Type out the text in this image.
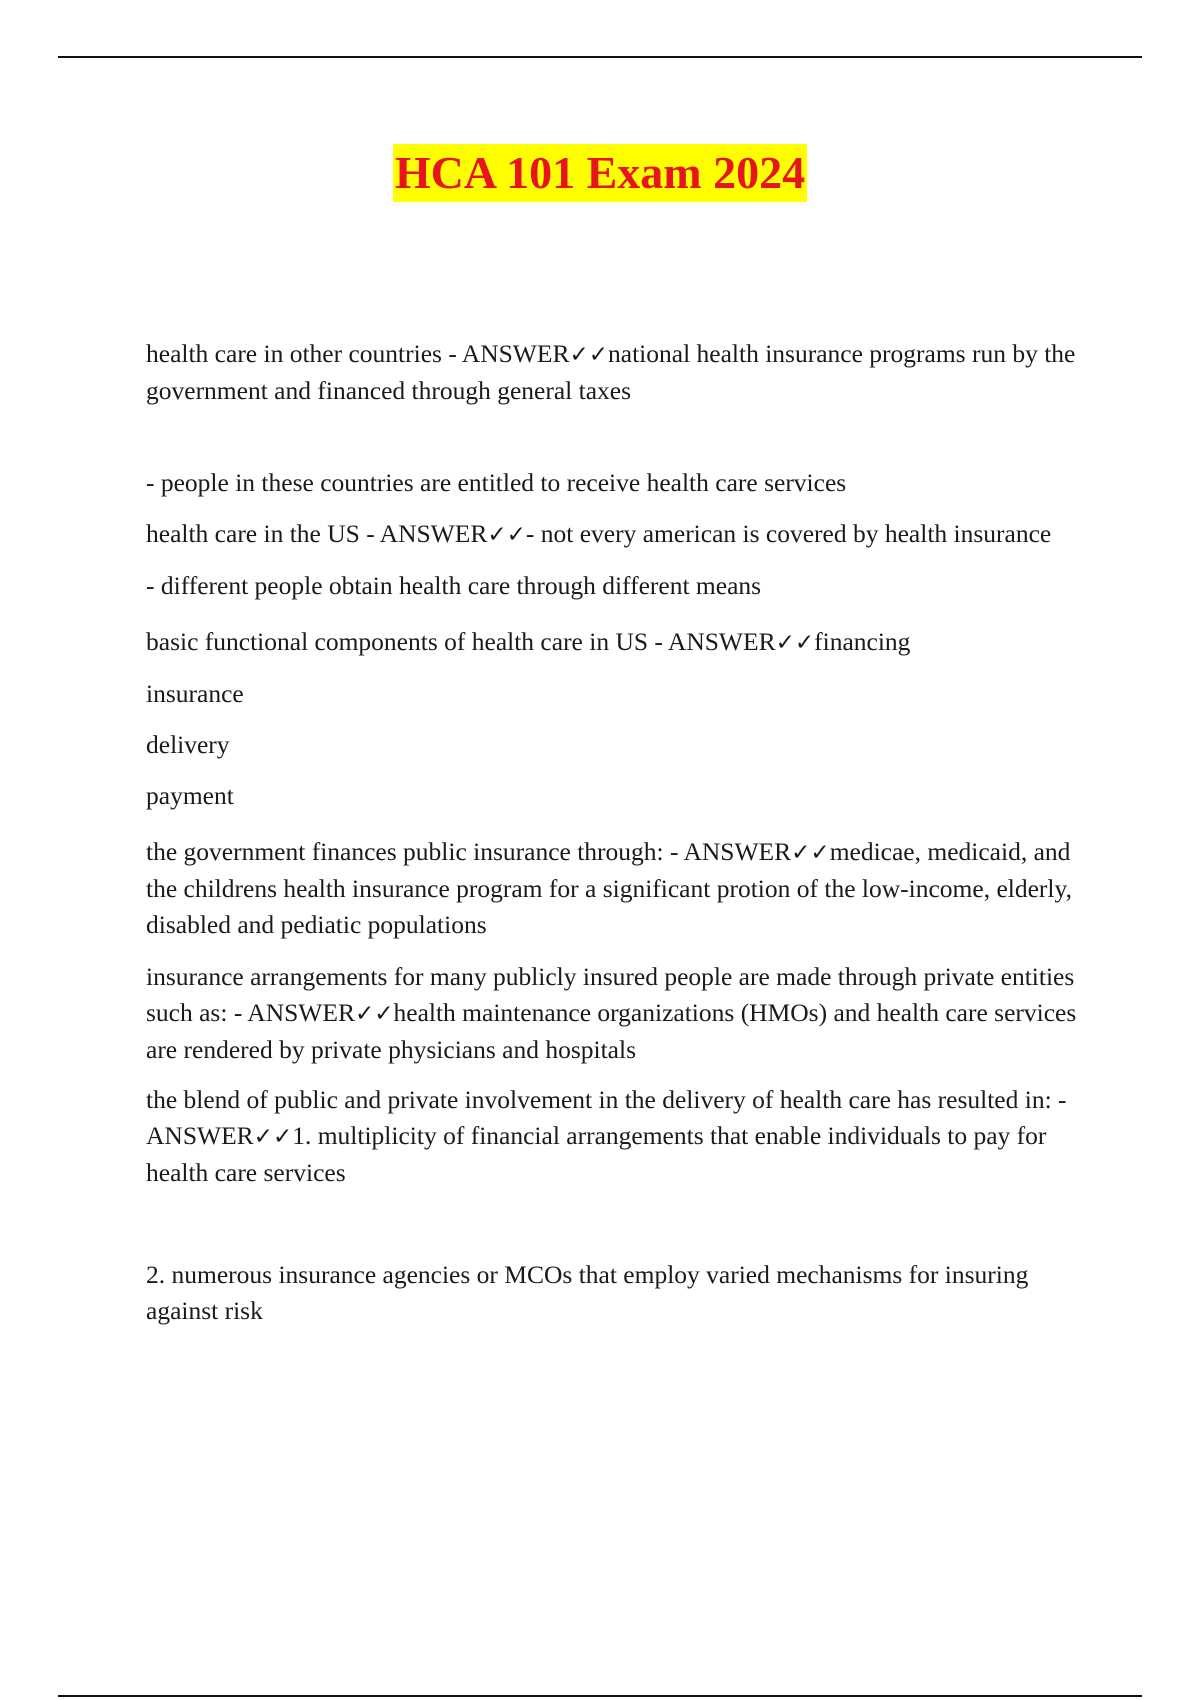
HCA 101 Exam 2024

health care in other countries - ANSWER✓✓national health insurance programs run by the government and financed through general taxes

- people in these countries are entitled to receive health care services

health care in the US - ANSWER✓✓- not every american is covered by health insurance

- different people obtain health care through different means

basic functional components of health care in US - ANSWER✓✓financing

insurance

delivery

payment

the government finances public insurance through: - ANSWER✓✓medicae, medicaid, and the childrens health insurance program for a significant protion of the low-income, elderly, disabled and pediatic populations

insurance arrangements for many publicly insured people are made through private entities such as: - ANSWER✓✓health maintenance organizations (HMOs) and health care services are rendered by private physicians and hospitals

the blend of public and private involvement in the delivery of health care has resulted in: - ANSWER✓✓1. multiplicity of financial arrangements that enable individuals to pay for health care services

2. numerous insurance agencies or MCOs that employ varied mechanisms for insuring against risk
